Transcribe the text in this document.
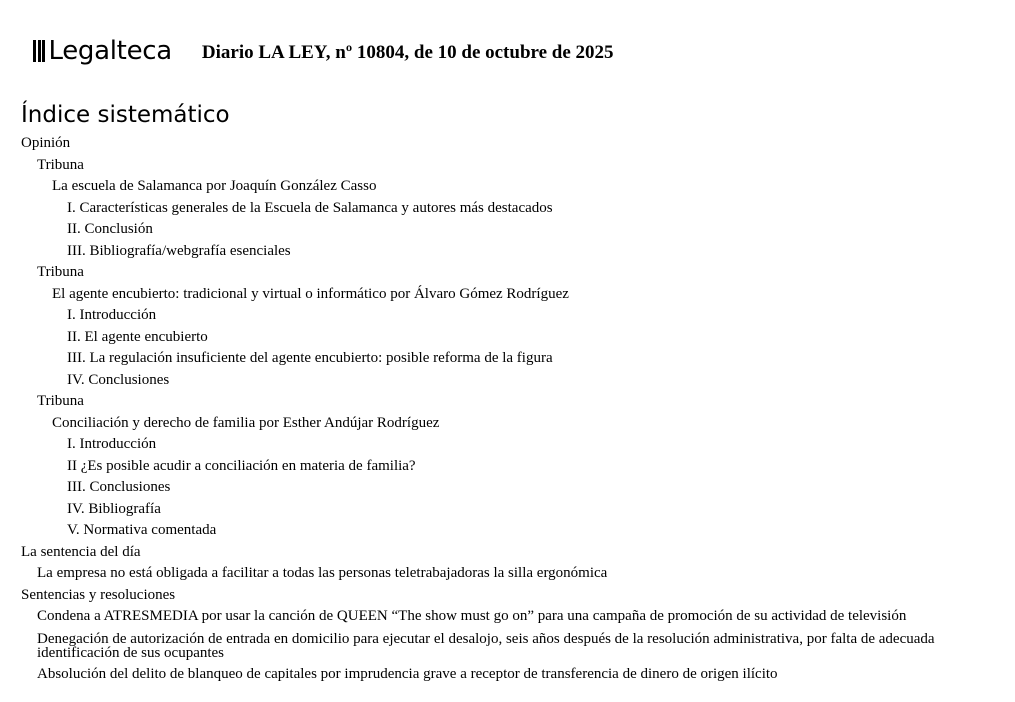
Legalteca Diario LA LEY, nº 10804, de 10 de octubre de 2025
Índice sistemático
Opinión
Tribuna
La escuela de Salamanca por Joaquín González Casso
I. Características generales de la Escuela de Salamanca y autores más destacados
II. Conclusión
III. Bibliografía/webgrafía esenciales
Tribuna
El agente encubierto: tradicional y virtual o informático por Álvaro Gómez Rodríguez
I. Introducción
II. El agente encubierto
III. La regulación insuficiente del agente encubierto: posible reforma de la figura
IV. Conclusiones
Tribuna
Conciliación y derecho de familia por Esther Andújar Rodríguez
I. Introducción
II ¿Es posible acudir a conciliación en materia de familia?
III. Conclusiones
IV. Bibliografía
V. Normativa comentada
La sentencia del día
La empresa no está obligada a facilitar a todas las personas teletrabajadoras la silla ergonómica
Sentencias y resoluciones
Condena a ATRESMEDIA por usar la canción de QUEEN “The show must go on” para una campaña de promoción de su actividad de televisión
Denegación de autorización de entrada en domicilio para ejecutar el desalojo, seis años después de la resolución administrativa, por falta de adecuada identificación de sus ocupantes
Absolución del delito de blanqueo de capitales por imprudencia grave a receptor de transferencia de dinero de origen ilícito
